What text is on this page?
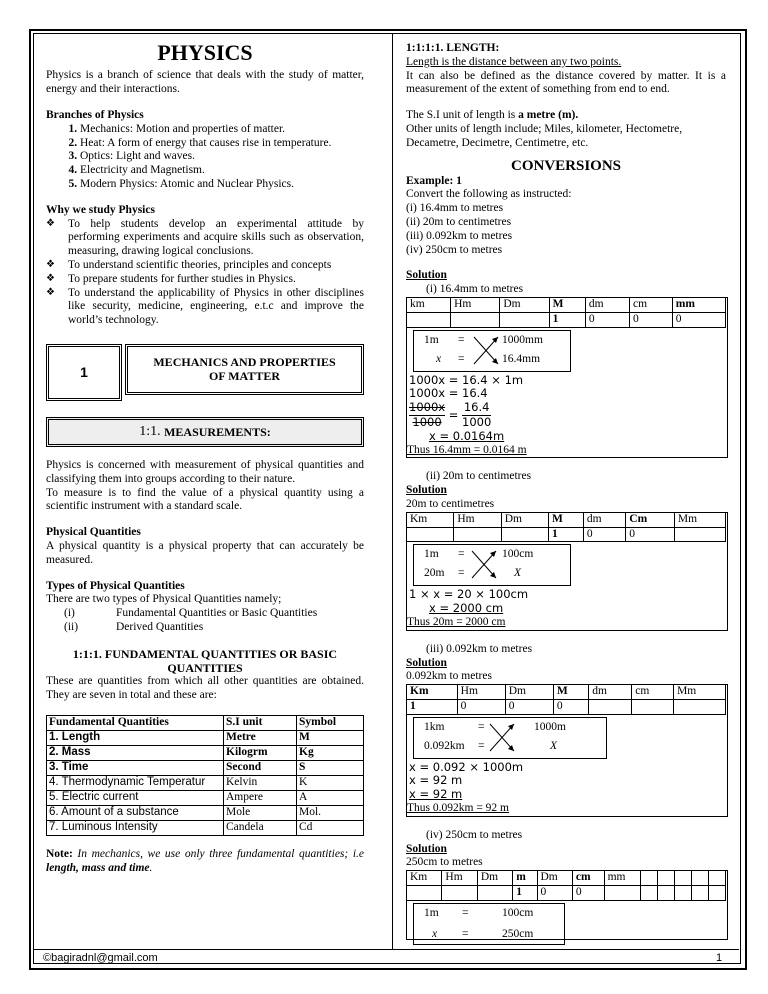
©bagiradnl@gmail.com	1
PHYSICS

Physics is a branch of science that deals with the study of matter, energy and their interactions.

Branches of Physics

1. Mechanics: Motion and properties of matter.
2. Heat: A form of energy that causes rise in temperature.
3. Optics: Light and waves.
4. Electricity and Magnetism.
5. Modern Physics: Atomic and Nuclear Physics.

Why we study Physics

❖ To help students develop an experimental attitude by performing experiments and acquire skills such as observation, measuring, drawing logical conclusions.
❖ To understand scientific theories, principles and concepts
❖ To prepare students for further studies in Physics.
❖ To understand the applicability of Physics in other disciplines like security, medicine, engineering, e.t.c and improve the world’s technology.
1
MECHANICS AND PROPERTIES OF MATTER
1:1.
MEASUREMENTS:

Physics is concerned with measurement of physical quantities and classifying them into groups according to their nature.

To measure is to find the value of a physical quantity using a scientific instrument with a standard scale.

Physical Quantities

A physical quantity is a physical property that can accurately be measured.

Types of Physical Quantities

There are two types of Physical Quantities namely;

(i)	Fundamental Quantities or Basic Quantities
(ii)	Derived Quantities

1:1:1. FUNDAMENTAL QUANTITIES OR BASIC QUANTITIES

These are quantities from which all other quantities are obtained. They are seven in total and these are:

Fundamental Quantities	S.I unit	Symbol
1. Length	Metre	M
2. Mass	Kilogrm	Kg
3. Time	Second	S
4. Thermodynamic Temperatur	Kelvin	K
5. Electric current	Ampere	A
6. Amount of a substance	Mole	Mol.
7. Luminous Intensity	Candela	Cd

Note: In mechanics, we use only three fundamental quantities; i.e length, mass and time.

1:1:1:1. LENGTH:

Length is the distance between any two points.

It can also be defined as the distance covered by matter. It is a measurement of the extent of something from end to end.

The S.I unit of length is a metre (m).

Other units of length include; Miles, kilometer, Hectometre, Decametre, Decimetre, Centimetre, etc.

CONVERSIONS

Example: 1

Convert the following as instructed:

(i) 16.4mm to metres

(ii) 20m to centimetres

(iii) 0.092km to metres

(iv) 250cm to metres

Solution

(i) 16.4mm to metres

km	Hm	Dm	M	dm	cm	mm
			1	0	0	0
1m =	1000mm
x =	16.4mm

1000x = 16.4 × 1m

1000x = 16.4

$\frac{1000x}{1000} = \frac{16.4}{1000}$

x = 0.0164m

Thus 16.4mm = 0.0164 m

(ii) 20m to centimetres

Solution

20m to centimetres

Km	Hm	Dm	M	dm	Cm	Mm
			1	0	0	
1m =	100cm
20m =	X

1 × x = 20 × 100cm

x = 2000 cm

Thus 20m = 2000 cm

(iii) 0.092km to metres

Solution

0.092km to metres

Km	Hm	Dm	M	dm	cm	Mm
1	0	0	0			
1km	=	1000m
0.092km =	X

x = 0.092 × 1000m

x = 92 m

x = 92 m

Thus 0.092km = 92 m

(iv) 250cm to metres

Solution

250cm to metres

Km	Hm	Dm	m	Dm	cm	mm					
			1	0	0						
1m =	100cm
x =	250cm
